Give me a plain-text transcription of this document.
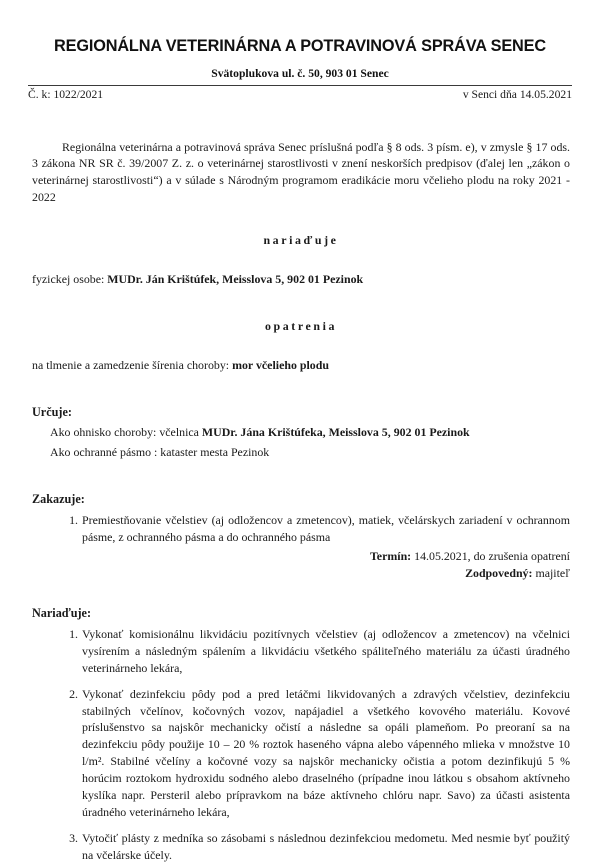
REGIONÁLNA VETERINÁRNA A POTRAVINOVÁ SPRÁVA SENEC
Svätoplukova ul. č. 50, 903 01 Senec
Č. k: 1022/2021	v Senci dňa 14.05.2021

Regionálna veterinárna a potravinová správa Senec príslušná podľa § 8 ods. 3 písm. e), v zmysle § 17 ods. 3 zákona NR SR č. 39/2007 Z. z. o veterinárnej starostlivosti v znení neskorších predpisov (ďalej len „zákon o veterinárnej starostlivosti“) a v súlade s Národným programom eradikácie moru včelieho plodu na roky 2021 - 2022

nariaďuje
fyzickej osobe: MUDr. Ján Krištúfek, Meisslova 5, 902 01 Pezinok
opatrenia
na tlmenie a zamedzenie šírenia choroby: mor včelieho plodu
Určuje:
Ako ohnisko choroby: včelnica MUDr. Jána Krištúfeka, Meisslova 5, 902 01 Pezinok
Ako ochranné pásmo : kataster mesta Pezinok
Zakazuje:
1. Premiestňovanie včelstiev (aj odložencov a zmetencov), matiek, včelárskych zariadení v ochrannom pásme, z ochranného pásma a do ochranného pásma
Termín: 14.05.2021, do zrušenia opatrení
Zodpovedný: majiteľ
Nariaďuje:
1. Vykonať komisionálnu likvidáciu pozitívnych včelstiev (aj odložencov a zmetencov) na včelnici vysírením a následným spálením a likvidáciu všetkého spáliteľného materiálu za účasti úradného veterinárneho lekára,
2. Vykonať dezinfekciu pôdy pod a pred letáčmi likvidovaných a zdravých včelstiev, dezinfekciu stabilných včelínov, kočovných vozov, napájadiel a všetkého kovového materiálu. Kovové príslušenstvo sa najskôr mechanicky očistí a následne sa opáli plameňom. Po preoraní sa na dezinfekciu pôdy použije 10 – 20 % roztok haseného vápna alebo vápenného mlieka v množstve 10 l/m². Stabilné včelíny a kočovné vozy sa najskôr mechanicky očistia a potom dezinfikujú 5 % horúcim roztokom hydroxidu sodného alebo draselného (prípadne inou látkou s obsahom aktívneho kyslíka napr. Persteril alebo prípravkom na báze aktívneho chlóru napr. Savo) za účasti asistenta úradného veterinárneho lekára,
3. Vytočiť plásty z medníka so zásobami s následnou dezinfekciou medometu. Med nesmie byť použitý na včelárske účely.
